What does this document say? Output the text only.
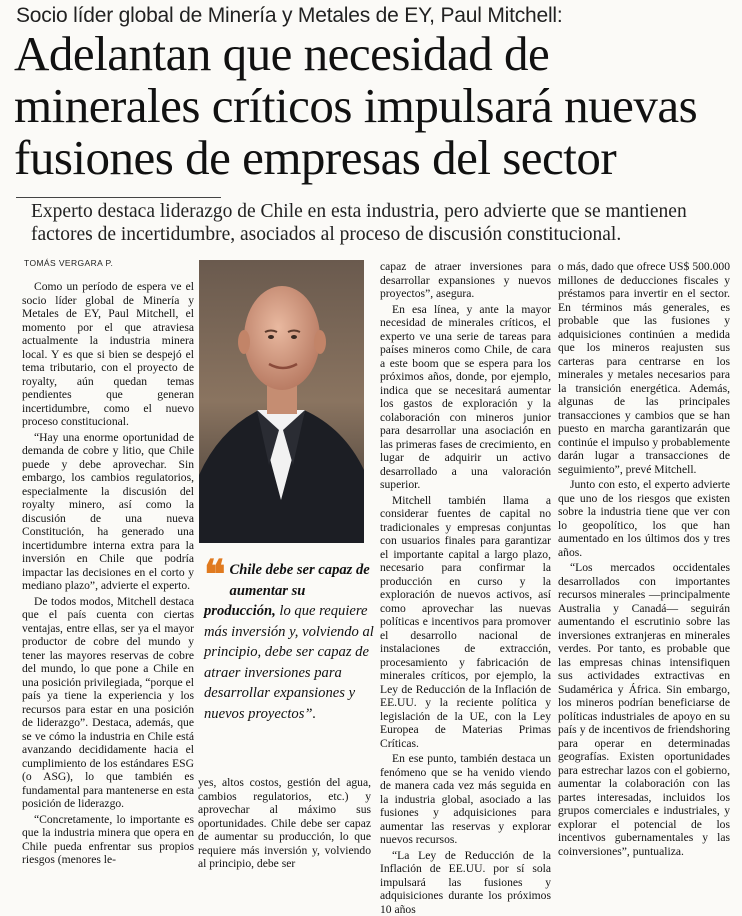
Socio líder global de Minería y Metales de EY, Paul Mitchell:
Adelantan que necesidad de minerales críticos impulsará nuevas fusiones de empresas del sector
Experto destaca liderazgo de Chile en esta industria, pero advierte que se mantienen factores de incertidumbre, asociados al proceso de discusión constitucional.
TOMÁS VERGARA P.

Como un período de espera ve el socio líder global de Minería y Metales de EY, Paul Mitchell, el momento por el que atraviesa actualmente la industria minera local. Y es que si bien se despejó el tema tributario, con el proyecto de royalty, aún quedan temas pendientes que generan incertidumbre, como el nuevo proceso constitucional.

“Hay una enorme oportunidad de demanda de cobre y litio, que Chile puede y debe aprovechar. Sin embargo, los cambios regulatorios, especialmente la discusión del royalty minero, así como la discusión de una nueva Constitución, ha generado una incertidumbre interna extra para la inversión en Chile que podría impactar las decisiones en el corto y mediano plazo”, advierte el experto.

De todos modos, Mitchell destaca que el país cuenta con ciertas ventajas, entre ellas, ser ya el mayor productor de cobre del mundo y tener las mayores reservas de cobre del mundo, lo que pone a Chile en una posición privilegiada, “porque el país ya tiene la experiencia y los recursos para estar en una posición de liderazgo”. Destaca, además, que se ve cómo la industria en Chile está avanzando decididamente hacia el cumplimiento de los estándares ESG (o ASG), lo que también es fundamental para mantenerse en esta posición de liderazgo.

“Concretamente, lo importante es que la industria minera que opera en Chile pueda enfrentar sus propios riesgos (menores le-

❝ Chile debe ser capaz de aumentar su producción, lo que requiere más inversión y, volviendo al principio, debe ser capaz de atraer inversiones para desarrollar expansiones y nuevos proyectos”.

yes, altos costos, gestión del agua, cambios regulatorios, etc.) y aprovechar al máximo sus oportunidades. Chile debe ser capaz de aumentar su producción, lo que requiere más inversión y, volviendo al principio, debe ser

capaz de atraer inversiones para desarrollar expansiones y nuevos proyectos”, asegura.

En esa línea, y ante la mayor necesidad de minerales críticos, el experto ve una serie de tareas para países mineros como Chile, de cara a este boom que se espera para los próximos años, donde, por ejemplo, indica que se necesitará aumentar los gastos de exploración y la colaboración con mineros junior para desarrollar una asociación en las primeras fases de crecimiento, en lugar de adquirir un activo desarrollado a una valoración superior.

Mitchell también llama a considerar fuentes de capital no tradicionales y empresas conjuntas con usuarios finales para garantizar el importante capital a largo plazo, necesario para confirmar la producción en curso y la exploración de nuevos activos, así como aprovechar las nuevas políticas e incentivos para promover el desarrollo nacional de instalaciones de extracción, procesamiento y fabricación de minerales críticos, por ejemplo, la Ley de Reducción de la Inflación de EE.UU. y la reciente política y legislación de la UE, con la Ley Europea de Materias Primas Críticas.

En ese punto, también destaca un fenómeno que se ha venido viendo de manera cada vez más seguida en la industria global, asociado a las fusiones y adquisiciones para aumentar las reservas y explorar nuevos recursos.

“La Ley de Reducción de la Inflación de EE.UU. por sí sola impulsará las fusiones y adquisiciones durante los próximos 10 años

o más, dado que ofrece US$ 500.000 millones de deducciones fiscales y préstamos para invertir en el sector. En términos más generales, es probable que las fusiones y adquisiciones continúen a medida que los mineros reajusten sus carteras para centrarse en los minerales y metales necesarios para la transición energética. Además, algunas de las principales transacciones y cambios que se han puesto en marcha garantizarán que continúe el impulso y probablemente darán lugar a transacciones de seguimiento”, prevé Mitchell.

Junto con esto, el experto advierte que uno de los riesgos que existen sobre la industria tiene que ver con lo geopolítico, los que han aumentado en los últimos dos y tres años.

“Los mercados occidentales desarrollados con importantes recursos minerales —principalmente Australia y Canadá— seguirán aumentando el escrutinio sobre las inversiones extranjeras en minerales verdes. Por tanto, es probable que las empresas chinas intensifiquen sus actividades extractivas en Sudamérica y África. Sin embargo, los mineros podrían beneficiarse de políticas industriales de apoyo en su país y de incentivos de friendshoring para operar en determinadas geografías. Existen oportunidades para estrechar lazos con el gobierno, aumentar la colaboración con las partes interesadas, incluidos los grupos comerciales e industriales, y explorar el potencial de los incentivos gubernamentales y las coinversiones”, puntualiza.
